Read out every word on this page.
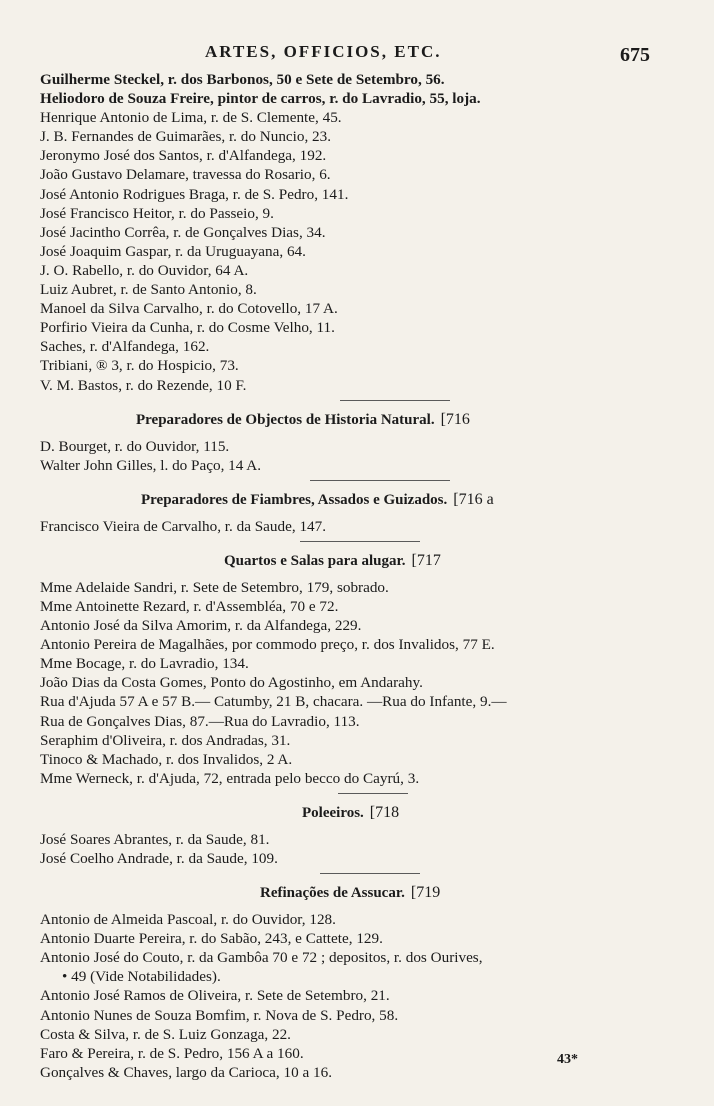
ARTES, OFFICIOS, ETC.	675
Guilherme Steckel, r. dos Barbonos, 50 e Sete de Setembro, 56.
Heliodoro de Souza Freire, pintor de carros, r. do Lavradio, 55, loja.
Henrique Antonio de Lima, r. de S. Clemente, 45.
J. B. Fernandes de Guimarães, r. do Nuncio, 23.
Jeronymo José dos Santos, r. d'Alfandega, 192.
João Gustavo Delamare, travessa do Rosario, 6.
José Antonio Rodrigues Braga, r. de S. Pedro, 141.
José Francisco Heitor, r. do Passeio, 9.
José Jacintho Corrêa, r. de Gonçalves Dias, 34.
José Joaquim Gaspar, r. da Uruguayana, 64.
J. O. Rabello, r. do Ouvidor, 64 A.
Luiz Aubret, r. de Santo Antonio, 8.
Manoel da Silva Carvalho, r. do Cotovello, 17 A.
Porfirio Vieira da Cunha, r. do Cosme Velho, 11.
Saches, r. d'Alfandega, 162.
Tribiani, ® 3, r. do Hospicio, 73.
V. M. Bastos, r. do Rezende, 10 F.
Preparadores de Objectos de Historia Natural. [716
D. Bourget, r. do Ouvidor, 115.
Walter John Gilles, l. do Paço, 14 A.
Preparadores de Fiambres, Assados e Guizados. [716 a
Francisco Vieira de Carvalho, r. da Saude, 147.
Quartos e Salas para alugar. [717
Mme Adelaide Sandri, r. Sete de Setembro, 179, sobrado.
Mme Antoinette Rezard, r. d'Assembléa, 70 e 72.
Antonio José da Silva Amorim, r. da Alfandega, 229.
Antonio Pereira de Magalhães, por commodo preço, r. dos Invalidos, 77 E.
Mme Bocage, r. do Lavradio, 134.
João Dias da Costa Gomes, Ponto do Agostinho, em Andarahy.
Rua d'Ajuda 57 A e 57 B.— Catumby, 21 B, chacara. —Rua do Infante, 9.—
Rua de Gonçalves Dias, 87.—Rua do Lavradio, 113.
Seraphim d'Oliveira, r. dos Andradas, 31.
Tinoco & Machado, r. dos Invalidos, 2 A.
Mme Werneck, r. d'Ajuda, 72, entrada pelo becco do Cayrú, 3.
Poleeiros. [718
José Soares Abrantes, r. da Saude, 81.
José Coelho Andrade, r. da Saude, 109.
Refinações de Assucar. [719
Antonio de Almeida Pascoal, r. do Ouvidor, 128.
Antonio Duarte Pereira, r. do Sabão, 243, e Cattete, 129.
Antonio José do Couto, r. da Gambôa 70 e 72 ; depositos, r. dos Ourives,
• 49 (Vide Notabilidades).
Antonio José Ramos de Oliveira, r. Sete de Setembro, 21.
Antonio Nunes de Souza Bomfim, r. Nova de S. Pedro, 58.
Costa & Silva, r. de S. Luiz Gonzaga, 22.
Faro & Pereira, r. de S. Pedro, 156 A a 160.
Gonçalves & Chaves, largo da Carioca, 10 a 16.
43*
